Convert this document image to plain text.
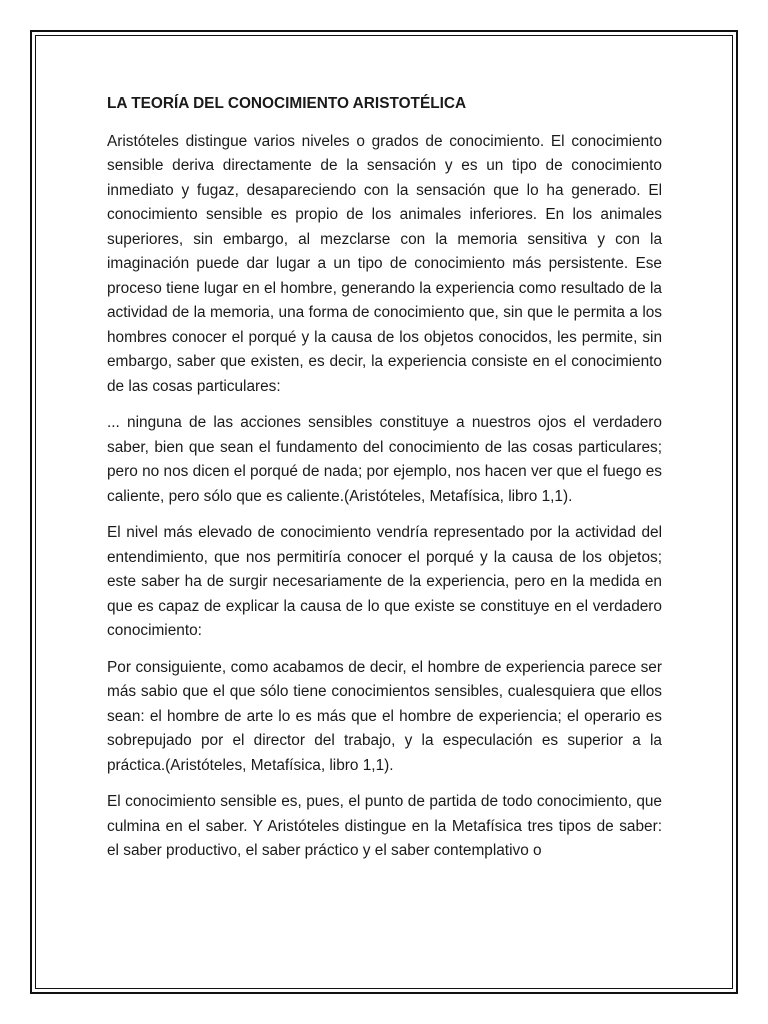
LA TEORÍA DEL CONOCIMIENTO ARISTOTÉLICA

Aristóteles distingue varios niveles o grados de conocimiento. El conocimiento sensible deriva directamente de la sensación y es un tipo de conocimiento inmediato y fugaz, desapareciendo con la sensación que lo ha generado. El conocimiento sensible es propio de los animales inferiores. En los animales superiores, sin embargo, al mezclarse con la memoria sensitiva y con la imaginación puede dar lugar a un tipo de conocimiento más persistente. Ese proceso tiene lugar en el hombre, generando la experiencia como resultado de la actividad de la memoria, una forma de conocimiento que, sin que le permita a los hombres conocer el porqué y la causa de los objetos conocidos, les permite, sin embargo, saber que existen, es decir, la experiencia consiste en el conocimiento de las cosas particulares:

... ninguna de las acciones sensibles constituye a nuestros ojos el verdadero saber, bien que sean el fundamento del conocimiento de las cosas particulares; pero no nos dicen el porqué de nada; por ejemplo, nos hacen ver que el fuego es caliente, pero sólo que es caliente.(Aristóteles, Metafísica, libro 1,1).

El nivel más elevado de conocimiento vendría representado por la actividad del entendimiento, que nos permitiría conocer el porqué y la causa de los objetos; este saber ha de surgir necesariamente de la experiencia, pero en la medida en que es capaz de explicar la causa de lo que existe se constituye en el verdadero conocimiento:

Por consiguiente, como acabamos de decir, el hombre de experiencia parece ser más sabio que el que sólo tiene conocimientos sensibles, cualesquiera que ellos sean: el hombre de arte lo es más que el hombre de experiencia; el operario es sobrepujado por el director del trabajo, y la especulación es superior a la práctica.(Aristóteles, Metafísica, libro 1,1).

El conocimiento sensible es, pues, el punto de partida de todo conocimiento, que culmina en el saber. Y Aristóteles distingue en la Metafísica tres tipos de saber: el saber productivo, el saber práctico y el saber contemplativo o
